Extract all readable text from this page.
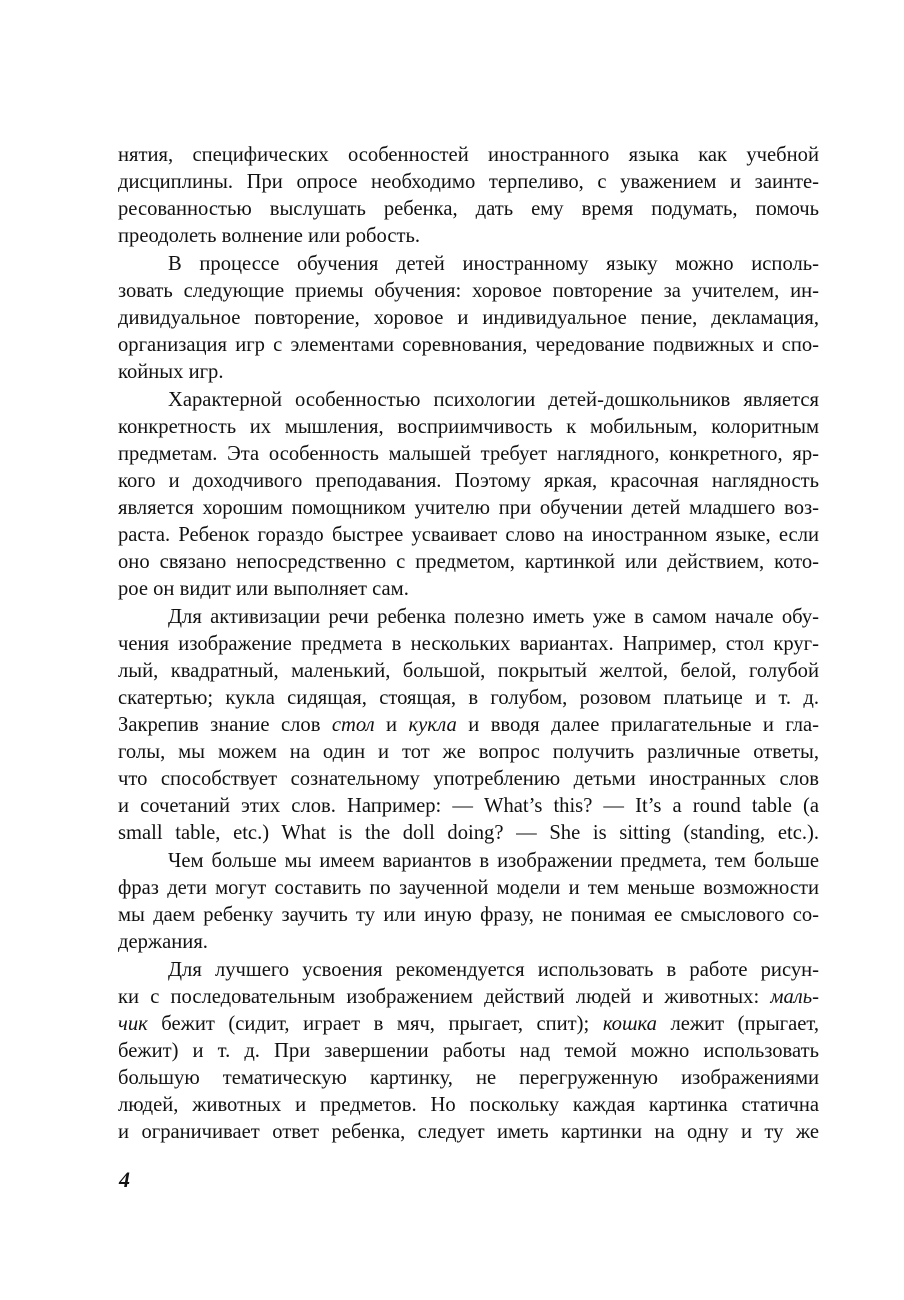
нятия, специфических особенностей иностранного языка как учебной
дисциплины. При опросе необходимо терпеливо, с уважением и заинте-
ресованностью выслушать ребенка, дать ему время подумать, помочь
преодолеть волнение или робость.
В процессе обучения детей иностранному языку можно исполь-
зовать следующие приемы обучения: хоровое повторение за учителем, ин-
дивидуальное повторение, хоровое и индивидуальное пение, декламация,
организация игр с элементами соревнования, чередование подвижных и спо-
койных игр.
Характерной особенностью психологии детей-дошкольников является
конкретность их мышления, восприимчивость к мобильным, колоритным
предметам. Эта особенность малышей требует наглядного, конкретного, яр-
кого и доходчивого преподавания. Поэтому яркая, красочная наглядность
является хорошим помощником учителю при обучении детей младшего воз-
раста. Ребенок гораздо быстрее усваивает слово на иностранном языке, если
оно связано непосредственно с предметом, картинкой или действием, кото-
рое он видит или выполняет сам.
Для активизации речи ребенка полезно иметь уже в самом начале обу-
чения изображение предмета в нескольких вариантах. Например, стол круг-
лый, квадратный, маленький, большой, покрытый желтой, белой, голубой
скатертью; кукла сидящая, стоящая, в голубом, розовом платьице и т. д.
Закрепив знание слов стол и кукла и вводя далее прилагательные и гла-
голы, мы можем на один и тот же вопрос получить различные ответы,
что способствует сознательному употреблению детьми иностранных слов
и сочетаний этих слов. Например: — What’s this? — It’s a round table (a
small table, etc.) What is the doll doing? — She is sitting (standing, etc.).
Чем больше мы имеем вариантов в изображении предмета, тем больше
фраз дети могут составить по заученной модели и тем меньше возможности
мы даем ребенку заучить ту или иную фразу, не понимая ее смыслового со-
держания.
Для лучшего усвоения рекомендуется использовать в работе рисун-
ки с последовательным изображением действий людей и животных: маль-
чик бежит (сидит, играет в мяч, прыгает, спит); кошка лежит (прыгает,
бежит) и т. д. При завершении работы над темой можно использовать
большую тематическую картинку, не перегруженную изображениями
людей, животных и предметов. Но поскольку каждая картинка статична
и ограничивает ответ ребенка, следует иметь картинки на одну и ту же
4
